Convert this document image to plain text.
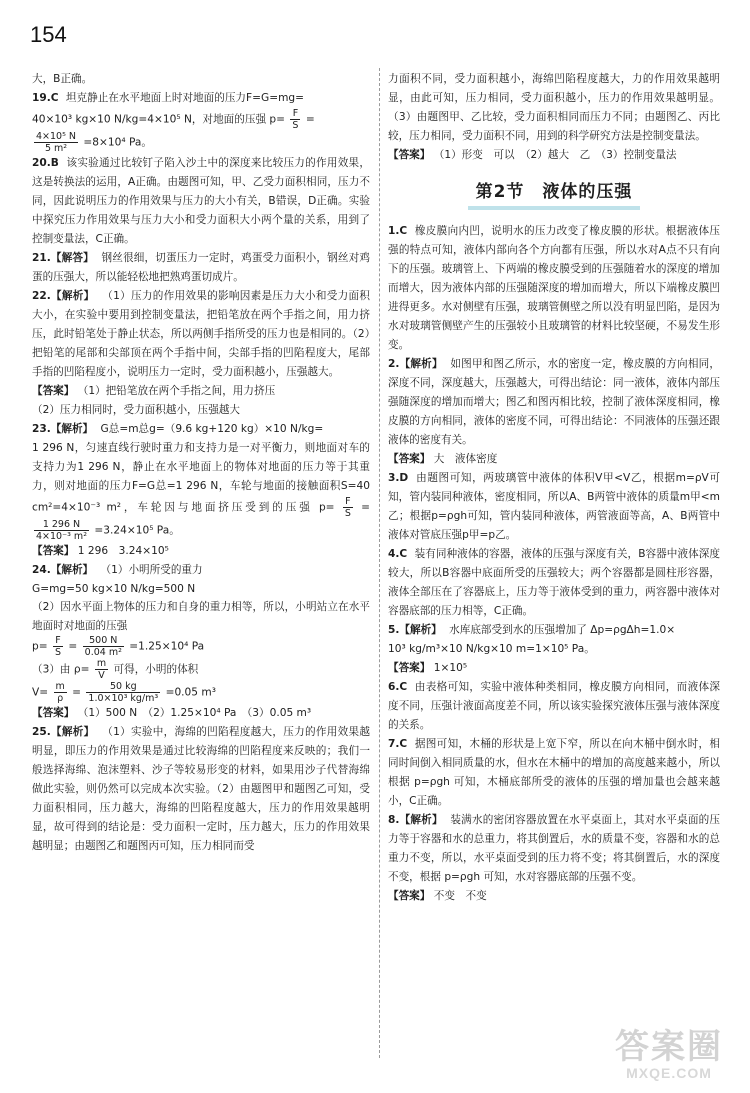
154

大，B正确。

19.C 坦克静止在水平地面上时对地面的压力F=G=mg=

40×10³ kg×10 N/kg=4×10⁵ N，对地面的压强 $p= \frac{F}{S}$ =

$\frac{\text{4×10⁵ N}}{\text{5 m²}} =8\times 10^4$ Pa。

20.B 该实验通过比较钉子陷入沙土中的深度来比较压力的作用效果，这是转换法的运用，A正确。由题图可知，甲、乙受力面积相同，压力不同，因此说明压力的作用效果与压力的大小有关，B错误，D正确。实验中探究压力作用效果与压力大小和受力面积大小两个量的关系，用到了控制变量法，C正确。

21.【解答】 钢丝很细，切蛋压力一定时，鸡蛋受力面积小，钢丝对鸡蛋的压强大，所以能轻松地把熟鸡蛋切成片。

22.【解析】 （1）压力的作用效果的影响因素是压力大小和受力面积大小，在实验中要用到控制变量法，把铅笔放在两个手指之间，用力挤压，此时铅笔处于静止状态，所以两侧手指所受的压力也是相同的。（2）把铅笔的尾部和尖部顶在两个手指中间，尖部手指的凹陷程度大，尾部手指的凹陷程度小，说明压力一定时，受力面积越小，压强越大。

【答案】 （1）把铅笔放在两个手指之间，用力挤压

（2）压力相同时，受力面积越小，压强越大

23.【解析】 G总=m总g=（9.6 kg+120 kg）×10 N/kg=

1 296 N，匀速直线行驶时重力和支持力是一对平衡力，则地面对车的支持力为1 296 N，静止在水平地面上的物体对地面的压力等于其重力，则对地面的压力F=G总=1 296 N，车轮与地面的接触面积S=40 cm²=4×10⁻³ m²，车轮因与地面挤压受到的压强 $p= \frac{F}{S}$ =
$\frac{1 296 N}{\text{4×10⁻³ m²}} =3.24\times 10^5$ Pa。

【答案】 1 296　3.24×10⁵

24.【解析】 （1）小明所受的重力

G=mg=50 kg×10 N/kg=500 N

（2）因水平面上物体的压力和自身的重力相等，所以，小明站立在水平地面时对地面的压强

$p= \frac{F}{S} = \frac{500 N}{\text{0.04 m²}} =1.25\times 10^4$ Pa

（3）由 $\rho= \frac{m}{V}$ 可得，小明的体积

$V= \frac{m}{\rho} = \frac{50 kg}{\text{1.0×10³ kg/m³}} =0.05$ m³

【答案】 （1）500 N　（2）1.25×10⁴ Pa　（3）0.05 m³

25.【解析】 （1）实验中，海绵的凹陷程度越大，压力的作用效果越明显，即压力的作用效果是通过比较海绵的凹陷程度来反映的；我们一般选择海绵、泡沫塑料、沙子等较易形变的材料，如果用沙子代替海绵做此实验，则仍然可以完成本次实验。（2）由题图甲和题图乙可知，受力面积相同，压力越大，海绵的凹陷程度越大，压力的作用效果越明显，故可得到的结论是：受力面积一定时，压力越大，压力的作用效果越明显；由题图乙和题图丙可知，压力相同而受

力面积不同，受力面积越小，海绵凹陷程度越大，力的作用效果越明显，由此可知，压力相同，受力面积越小，压力的作用效果越明显。（3）由题图甲、乙比较，受力面积相同而压力不同；由题图乙、丙比较，压力相同，受力面积不同，用到的科学研究方法是控制变量法。

【答案】 （1）形变　可以　（2）越大　乙　（3）控制变量法

第2节　液体的压强

1.C 橡皮膜向内凹，说明水的压力改变了橡皮膜的形状。根据液体压强的特点可知，液体内部向各个方向都有压强，所以水对A点不只有向下的压强。玻璃管上、下两端的橡皮膜受到的压强随着水的深度的增加而增大，因为液体内部的压强随深度的增加而增大，所以下端橡皮膜凹进得更多。水对侧壁有压强，玻璃管侧壁之所以没有明显凹陷，是因为水对玻璃管侧壁产生的压强较小且玻璃管的材料比较坚硬，不易发生形变。

2.【解析】 如图甲和图乙所示，水的密度一定，橡皮膜的方向相同，深度不同，深度越大，压强越大，可得出结论：同一液体，液体内部压强随深度的增加而增大；图乙和图丙相比较，控制了液体深度相同，橡皮膜的方向相同，液体的密度不同，可得出结论：不同液体的压强还跟液体的密度有关。

【答案】 大　液体密度

3.D 由题图可知，两玻璃管中液体的体积V甲<V乙，根据m=ρV可知，管内装同种液体，密度相同，所以A、B两管中液体的质量m甲<m乙；根据p=ρgh可知，管内装同种液体，两管液面等高，A、B两管中液体对管底压强p甲=p乙。

4.C 装有同种液体的容器，液体的压强与深度有关，B容器中液体深度较大，所以B容器中底面所受的压强较大；两个容器都是圆柱形容器，液体全部压在了容器底上，压力等于液体受到的重力，两容器中液体对容器底部的压力相等，C正确。

5.【解析】 水库底部受到水的压强增加了 Δp=ρgΔh=1.0×

10³ kg/m³×10 N/kg×10 m=1×10⁵ Pa。

【答案】 1×10⁵

6.C 由表格可知，实验中液体种类相同，橡皮膜方向相同，而液体深度不同，压强计液面高度差不同，所以该实验探究液体压强与液体深度的关系。

7.C 据图可知，木桶的形状是上宽下窄，所以在向木桶中倒水时，相同时间倒入相同质量的水，但水在木桶中的增加的高度越来越小，所以根据 p=ρgh 可知，木桶底部所受的液体的压强的增加量也会越来越小，C正确。

8.【解析】 装满水的密闭容器放置在水平桌面上，其对水平桌面的压力等于容器和水的总重力，将其倒置后，水的质量不变，容器和水的总重力不变，所以，水平桌面受到的压力将不变；将其倒置后，水的深度不变，根据 p=ρgh 可知，水对容器底部的压强不变。

【答案】 不变　不变

答案圈
MXQE.COM
